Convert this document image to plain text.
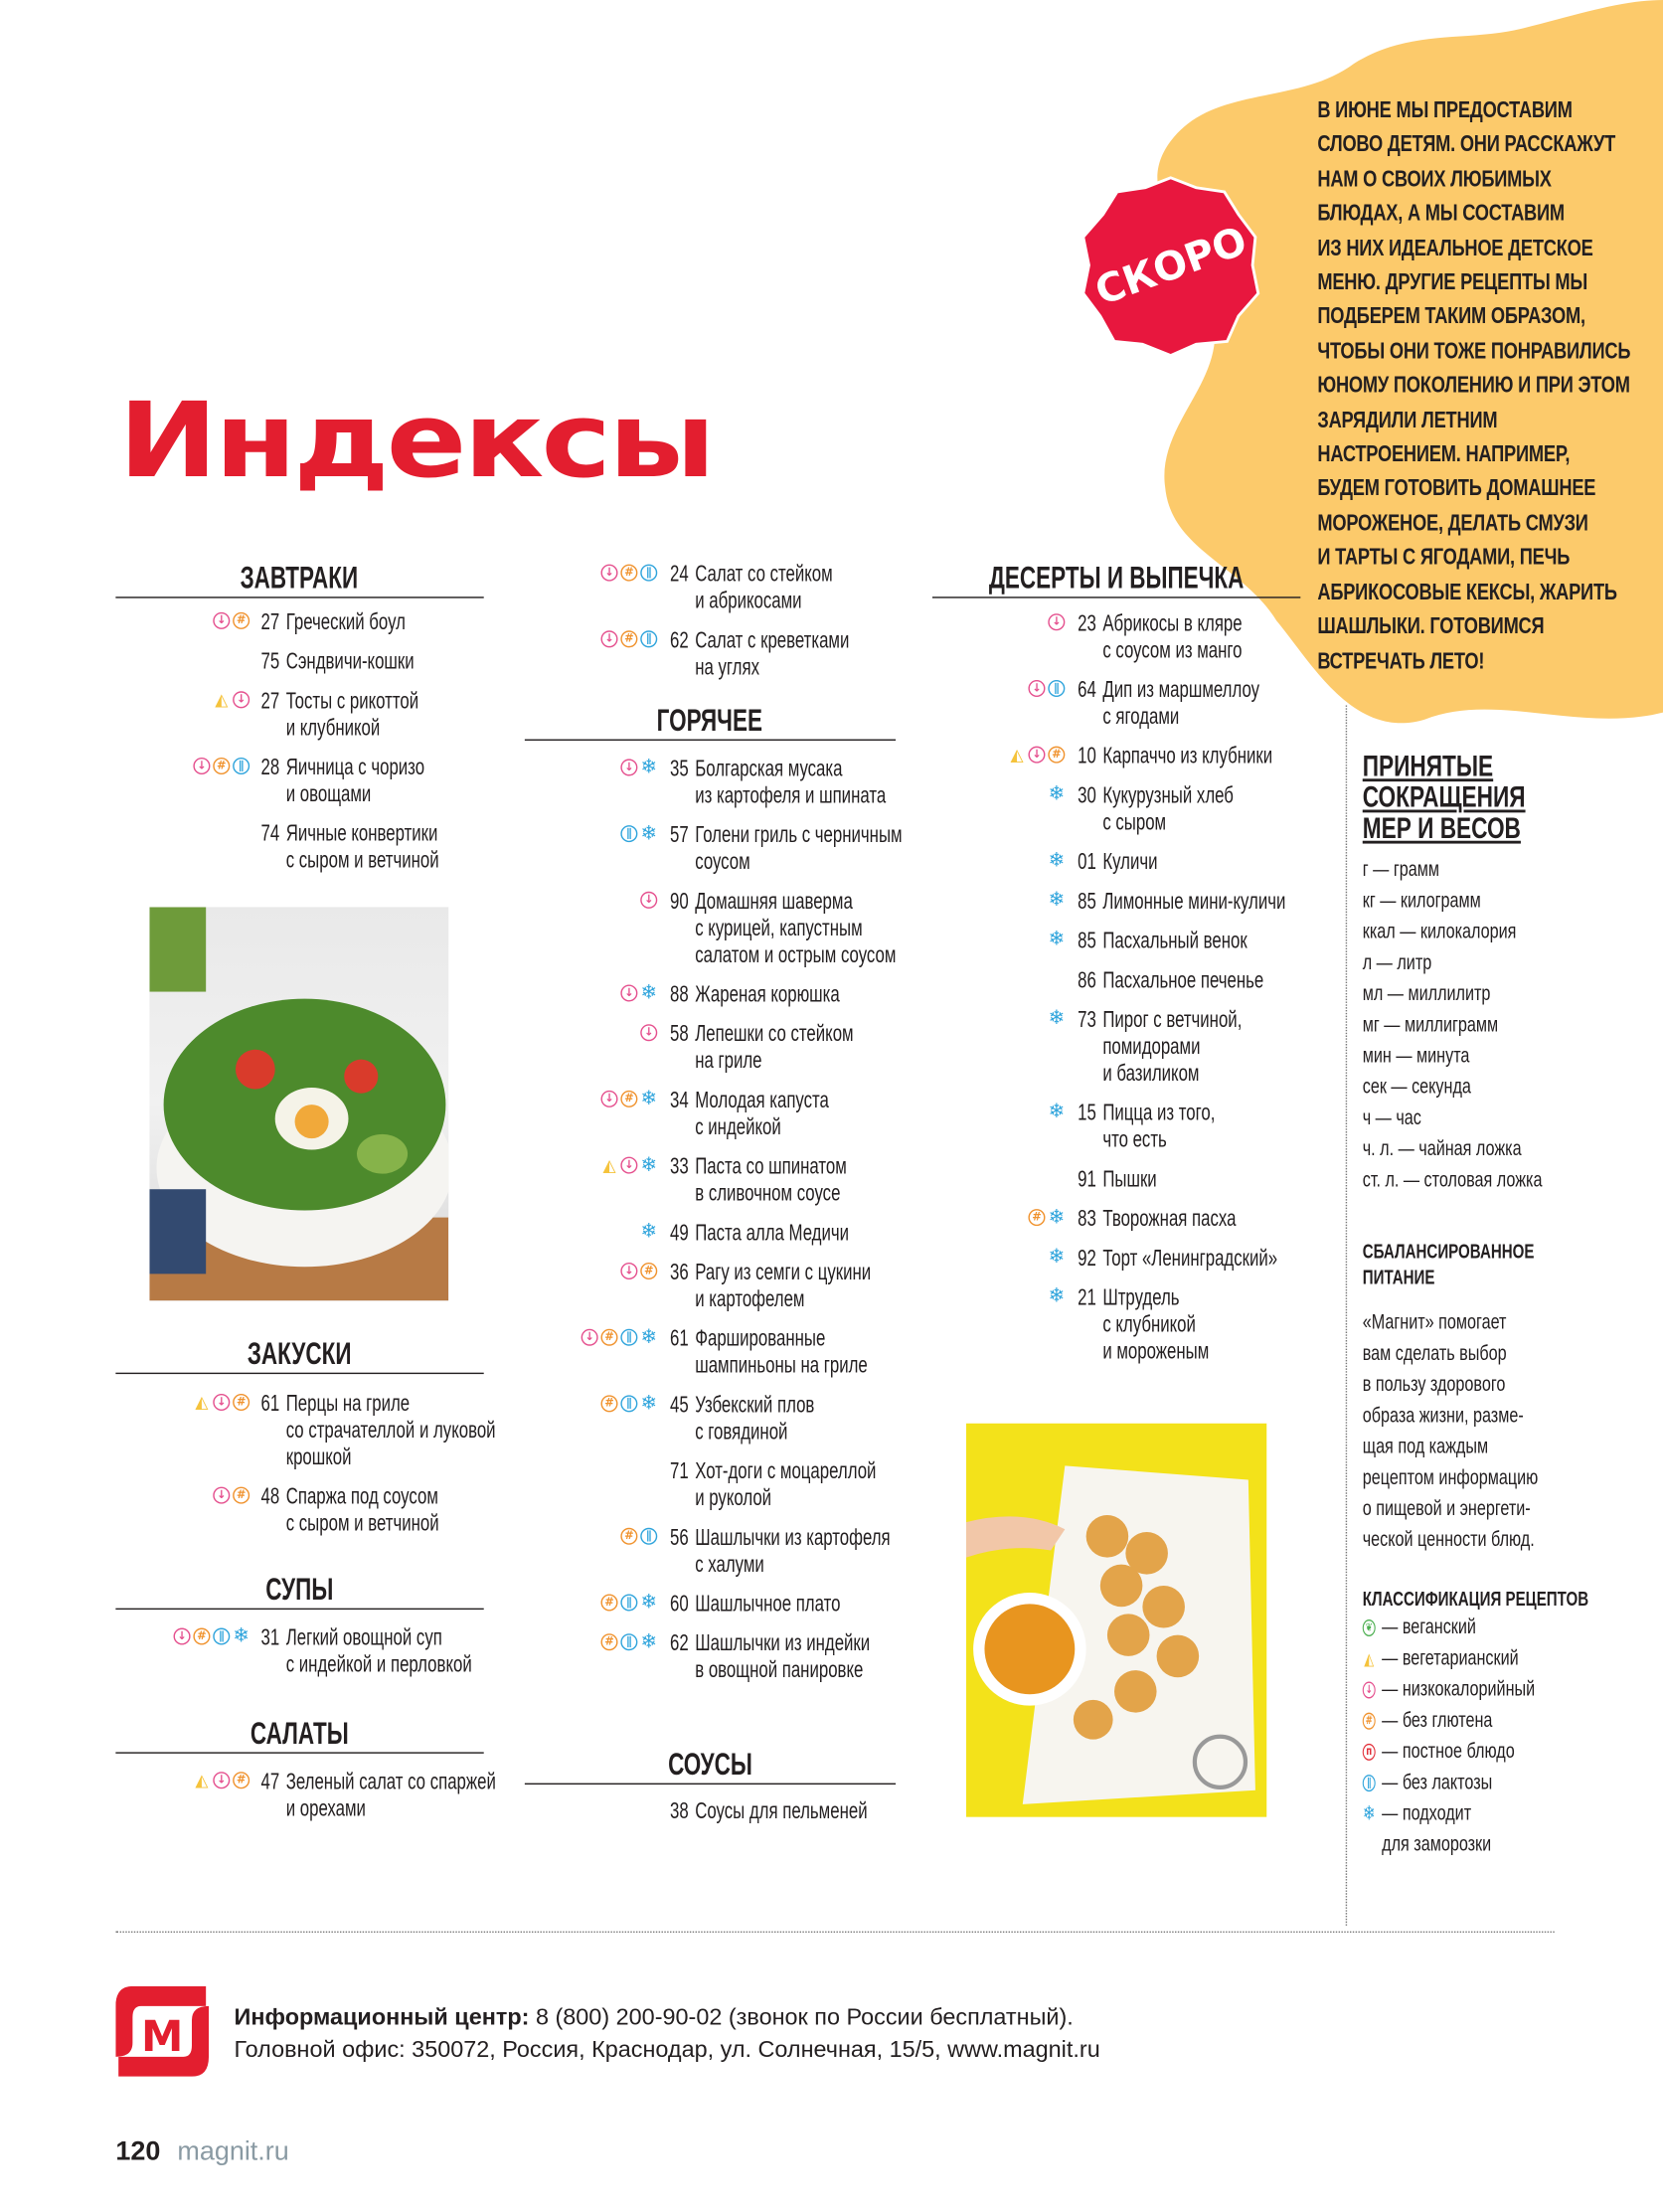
СКОРО
В ИЮНЕ МЫ ПРЕДОСТАВИМ
СЛОВО ДЕТЯМ. ОНИ РАССКАЖУТ
НАМ О СВОИХ ЛЮБИМЫХ
БЛЮДАХ, А МЫ СОСТАВИМ
ИЗ НИХ ИДЕАЛЬНОЕ ДЕТСКОЕ
МЕНЮ. ДРУГИЕ РЕЦЕПТЫ МЫ
ПОДБЕРЕМ ТАКИМ ОБРАЗОМ,
ЧТОБЫ ОНИ ТОЖЕ ПОНРАВИЛИСЬ
ЮНОМУ ПОКОЛЕНИЮ И ПРИ ЭТОМ
ЗАРЯДИЛИ ЛЕТНИМ
НАСТРОЕНИЕМ. НАПРИМЕР,
БУДЕМ ГОТОВИТЬ ДОМАШНЕЕ
МОРОЖЕНОЕ, ДЕЛАТЬ СМУЗИ
И ТАРТЫ С ЯГОДАМИ, ПЕЧЬ
АБРИКОСОВЫЕ КЕКСЫ, ЖАРИТЬ
ШАШЛЫКИ. ГОТОВИМСЯ
ВСТРЕЧАТЬ ЛЕТО!
Индексы
ЗАВТРАКИ
↓	# 27 Греческий боул
75 Сэндвичи-кошки
◭	↓ 27 Тосты с рикоттой
и клубникой
↓	#	∥	28 Яичница с чоризо
и овощами
74 Яичные конвертики
с сыром и ветчиной
ЗАКУСКИ
◭	↓	# 61 Перцы на гриле
со страчателлой и луковой
крошкой
↓	# 48 Спаржа под соусом
с сыром и ветчиной
СУПЫ
↓	#	∥ ❄ 31 Легкий овощной суп
с индейкой и перловкой
САЛАТЫ
◭	↓	# 47 Зеленый салат со спаржей
и орехами
↓	#	∥	24 Салат со стейком
и абрикосами
↓	#	∥	62 Салат с креветками
на углях
ГОРЯЧЕЕ
↓ ❄ 35 Болгарская мусака
из картофеля и шпината
∥ ❄ 57 Голени гриль с черничным
соусом
↓ 90 Домашняя шаверма
с курицей, капустным
салатом и острым соусом
↓ ❄ 88 Жареная корюшка
↓ 58 Лепешки со стейком
на гриле
↓	# ❄ 34 Молодая капуста
с индейкой
◭	↓ ❄ 33 Паста со шпинатом
в сливочном соусе
❄ 49 Паста алла Медичи
↓	# 36 Рагу из семги с цукини
и картофелем
↓	#	∥ ❄ 61 Фаршированные
шампиньоны на гриле
#	∥ ❄ 45 Узбекский плов
с говядиной
71 Хот-доги с моцареллой
и руколой
#	∥	56 Шашлычки из картофеля
с халуми
#	∥ ❄ 60 Шашлычное плато
#	∥ ❄ 62 Шашлычки из индейки
в овощной панировке
СОУСЫ
38 Соусы для пельменей
ДЕСЕРТЫ И ВЫПЕЧКА
↓ 23 Абрикосы в кляре
с соусом из манго
↓	∥	64 Дип из маршмеллоу
с ягодами
◭	↓	# 10 Карпаччо из клубники
❄ 30 Кукурузный хлеб
с сыром
❄ 01 Куличи
❄ 85 Лимонные мини-куличи
❄ 85 Пасхальный венок
86 Пасхальное печенье
❄ 73 Пирог с ветчиной,
помидорами
и базиликом
❄ 15 Пицца из того,
что есть
91 Пышки
# ❄ 83 Творожная пасха
❄ 92 Торт «Ленинградский»
❄ 21 Штрудель
с клубникой
и мороженым
ПРИНЯТЫЕ
СОКРАЩЕНИЯ
МЕР И ВЕСОВ
г — грамм
кг — килограмм
ккал — килокалория
л — литр
мл — миллилитр
мг — миллиграмм
мин — минута
сек — секунда
ч — час
ч. л. — чайная ложка
ст. л. — столовая ложка
СБАЛАНСИРОВАННОЕ
ПИТАНИЕ
«Магнит» помогает
вам сделать выбор
в пользу здорового
образа жизни, разме-
щая под каждым
рецептом информацию
о пищевой и энергети-
ческой ценности блюд.
КЛАССИФИКАЦИЯ РЕЦЕПТОВ
❦ — веганский
◭ — вегетарианский
↓ — низкокалорийный
# — без глютена
п — постное блюдо
∥ — без лактозы
❄ — подходит
для заморозки
М	Информационный центр: 8 (800) 200-90-02 (звонок по России бесплатный).
Головной офис: 350072, Россия, Краснодар, ул. Солнечная, 15/5, www.magnit.ru
120 magnit.ru
